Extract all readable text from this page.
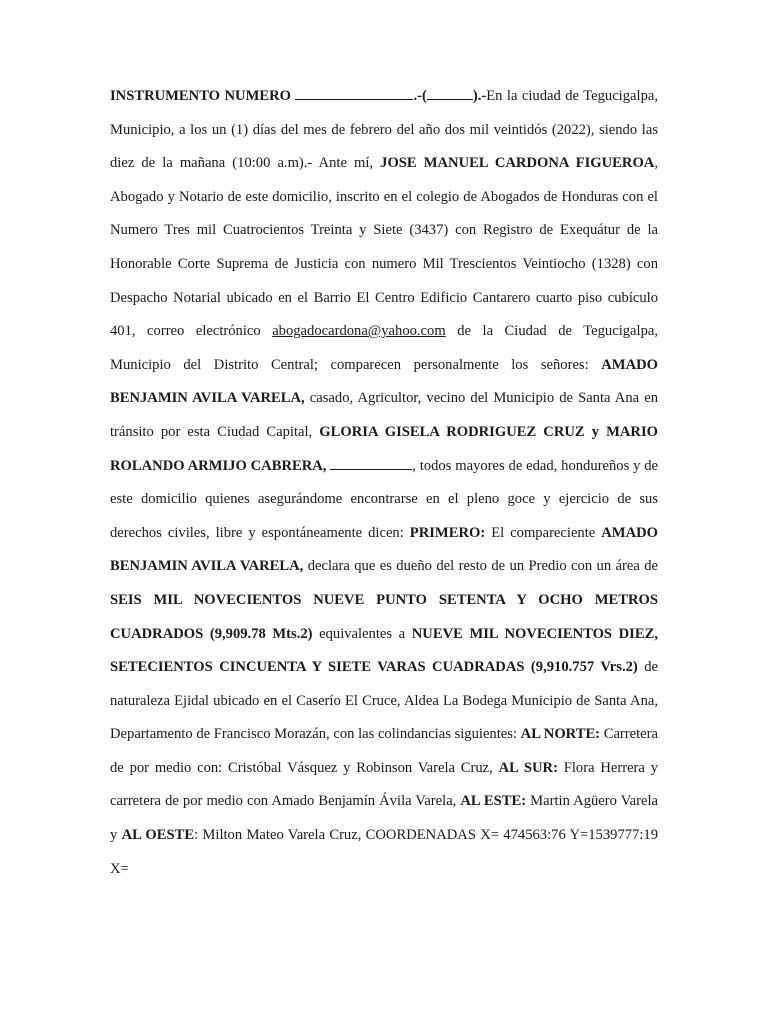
INSTRUMENTO NUMERO	.-(	).-En la ciudad de Tegucigalpa, Municipio, a los un (1) días del mes de febrero del año dos mil veintidós (2022), siendo las diez de la mañana (10:00 a.m).- Ante mí, JOSE MANUEL CARDONA FIGUEROA, Abogado y Notario de este domicilio, inscrito en el colegio de Abogados de Honduras con el Numero Tres mil Cuatrocientos Treinta y Siete (3437) con Registro de Exequátur de la Honorable Corte Suprema de Justicia con numero Mil Trescientos Veintiocho (1328) con Despacho Notarial ubicado en el Barrio El Centro Edificio Cantarero cuarto piso cubículo 401, correo electrónico abogadocardona@yahoo.com de la Ciudad de Tegucigalpa, Municipio del Distrito Central; comparecen personalmente los señores: AMADO BENJAMIN AVILA VARELA, casado, Agricultor, vecino del Municipio de Santa Ana en tránsito por esta Ciudad Capital, GLORIA GISELA RODRIGUEZ CRUZ y MARIO ROLANDO ARMIJO CABRERA,	, todos mayores de edad, hondureños y de este domicilio quienes asegurándome encontrarse en el pleno goce y ejercicio de sus derechos civiles, libre y espontáneamente dicen: PRIMERO: El compareciente AMADO BENJAMIN AVILA VARELA, declara que es dueño del resto de un Predio con un área de SEIS MIL NOVECIENTOS NUEVE PUNTO SETENTA Y OCHO METROS CUADRADOS (9,909.78 Mts.2) equivalentes a NUEVE MIL NOVECIENTOS DIEZ, SETECIENTOS CINCUENTA Y SIETE VARAS CUADRADAS (9,910.757 Vrs.2) de naturaleza Ejidal ubicado en el Caserío El Cruce, Aldea La Bodega Municipio de Santa Ana, Departamento de Francisco Morazán, con las colindancias siguientes: AL NORTE: Carretera de por medio con: Cristóbal Vásquez y Robinson Varela Cruz, AL SUR: Flora Herrera y carretera de por medio con Amado Benjamín Ávila Varela, AL ESTE: Martin Agüero Varela y AL OESTE: Milton Mateo Varela Cruz, COORDENADAS X= 474563:76 Y=1539777:19 X=
